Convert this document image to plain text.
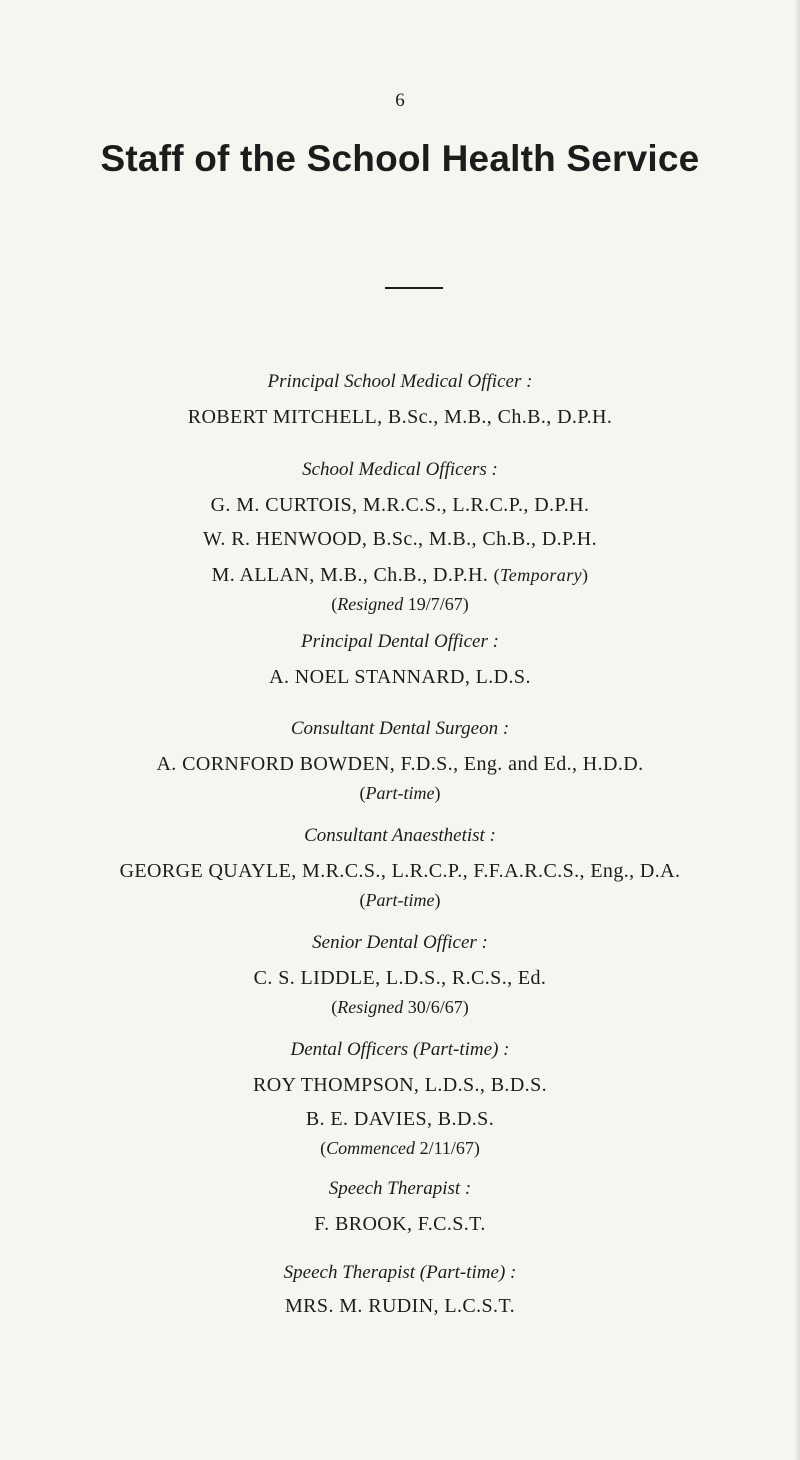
6
Staff of the School Health Service
Principal School Medical Officer :
ROBERT MITCHELL, B.Sc., M.B., Ch.B., D.P.H.
School Medical Officers :
G. M. CURTOIS, M.R.C.S., L.R.C.P., D.P.H.
W. R. HENWOOD, B.Sc., M.B., Ch.B., D.P.H.
M. ALLAN, M.B., Ch.B., D.P.H. (Temporary)
(Resigned 19/7/67)
Principal Dental Officer :
A. NOEL STANNARD, L.D.S.
Consultant Dental Surgeon :
A. CORNFORD BOWDEN, F.D.S., Eng. and Ed., H.D.D.
(Part-time)
Consultant Anaesthetist :
GEORGE QUAYLE, M.R.C.S., L.R.C.P., F.F.A.R.C.S., Eng., D.A.
(Part-time)
Senior Dental Officer :
C. S. LIDDLE, L.D.S., R.C.S., Ed.
(Resigned 30/6/67)
Dental Officers (Part-time) :
ROY THOMPSON, L.D.S., B.D.S.
B. E. DAVIES, B.D.S.
(Commenced 2/11/67)
Speech Therapist :
F. BROOK, F.C.S.T.
Speech Therapist (Part-time) :
MRS. M. RUDIN, L.C.S.T.
